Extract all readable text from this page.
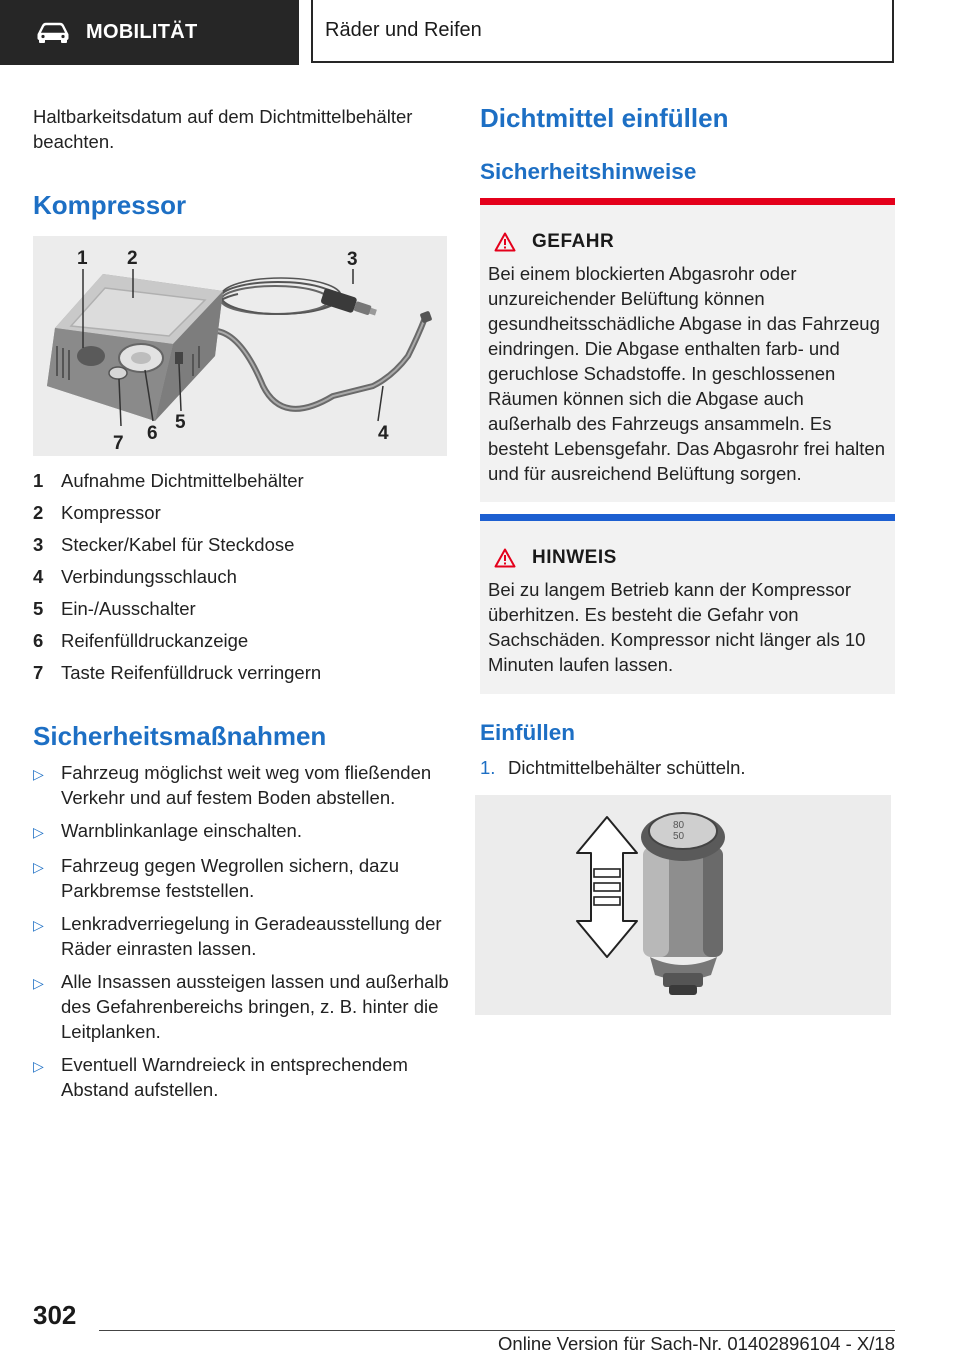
MOBILITÄT	Räder und Reifen
Haltbarkeitsdatum auf dem Dichtmittelbehälter beachten.
Kompressor
1 2	3
4
5
6
7
1 Aufnahme Dichtmittelbehälter
2 Kompressor
3 Stecker/Kabel für Steckdose
4 Verbindungsschlauch
5 Ein-/Ausschalter
6 Reifenfülldruckanzeige
7 Taste Reifenfülldruck verringern
Sicherheitsmaßnahmen
▷ Fahrzeug möglichst weit weg vom fließenden Verkehr und auf festem Boden abstellen.
▷ Warnblinkanlage einschalten.
▷ Fahrzeug gegen Wegrollen sichern, dazu Parkbremse feststellen.
▷ Lenkradverriegelung in Geradeausstellung der Räder einrasten lassen.
▷ Alle Insassen aussteigen lassen und außerhalb des Gefahrenbereichs bringen, z. B. hinter die Leitplanken.
▷ Eventuell Warndreieck in entsprechendem Abstand aufstellen.
Dichtmittel einfüllen
Sicherheitshinweise
GEFAHR
Bei einem blockierten Abgasrohr oder unzureichender Belüftung können gesundheitsschädliche Abgase in das Fahrzeug eindringen. Die Abgase enthalten farb- und geruchlose Schadstoffe. In geschlossenen Räumen können sich die Abgase auch außerhalb des Fahrzeugs ansammeln. Es besteht Lebensgefahr. Das Abgasrohr frei halten und für ausreichend Belüftung sorgen.
HINWEIS
Bei zu langem Betrieb kann der Kompressor überhitzen. Es besteht die Gefahr von Sachschäden. Kompressor nicht länger als 10 Minuten laufen lassen.
Einfüllen
1. Dichtmittelbehälter schütteln.
80
50
302
Online Version für Sach-Nr. 01402896104 - X/18
